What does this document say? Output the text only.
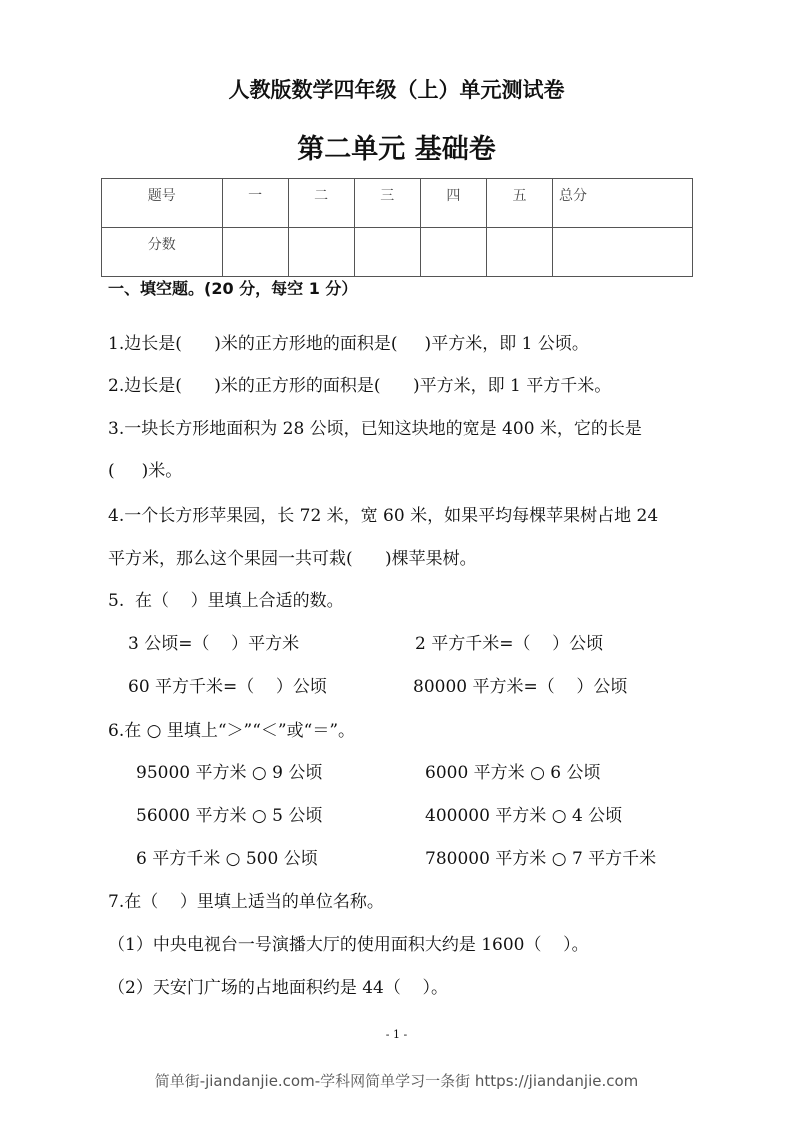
人教版数学四年级（上）单元测试卷
第二单元 基础卷
题号	一	二	三	四	五	总分
分数						
一、填空题。(20 分，每空 1 分）
1.边长是(      )米的正方形地的面积是(     )平方米，即 1 公顷。
2.边长是(      )米的正方形的面积是(      )平方米，即 1 平方千米。
3.一块长方形地面积为 28 公顷，已知这块地的宽是 400 米，它的长是
(     )米。
4.一个长方形苹果园，长 72 米，宽 60 米，如果平均每棵苹果树占地 24
平方米，那么这个果园一共可栽(      )棵苹果树。
5.  在（    ）里填上合适的数。
3 公顷=（    ）平方米	2 平方千米=（    ）公顷
60 平方千米=（    ）公顷	80000 平方米=（    ）公顷
6.在 ○ 里填上“＞”“＜”或“＝”。
95000 平方米 ○ 9 公顷	6000 平方米 ○ 6 公顷
56000 平方米 ○ 5 公顷	400000 平方米 ○ 4 公顷
6 平方千米 ○ 500 公顷	780000 平方米 ○ 7 平方千米
7.在（    ）里填上适当的单位名称。
（1）中央电视台一号演播大厅的使用面积大约是 1600（    ）。
（2）天安门广场的占地面积约是 44（    ）。
- 1 -
简单街-jiandanjie.com-学科网简单学习一条街 https://jiandanjie.com
